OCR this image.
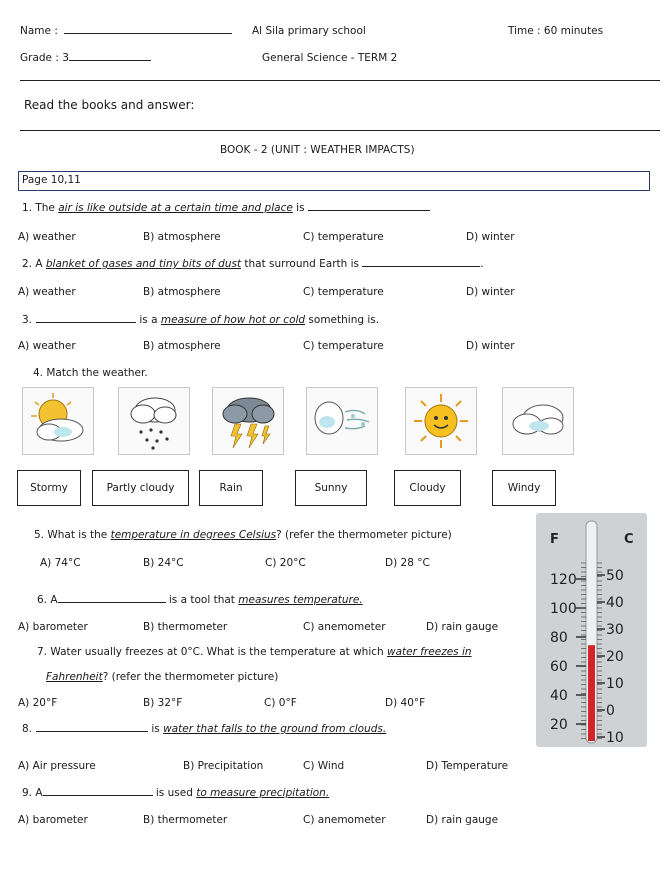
Name :	Al Sila primary school	Time : 60 minutes
Grade : 3	General Science - TERM 2
Read the books and answer:
BOOK - 2 (UNIT : WEATHER IMPACTS)
Page 10,11
1. The air is like outside at a certain time and place is
A) weather	B) atmosphere	C) temperature	D) winter
2. A blanket of gases and tiny bits of dust that surround Earth is	.
A) weather	B) atmosphere	C) temperature	D) winter
3.	is a measure of how hot or cold something is.
A) weather	B) atmosphere	C) temperature	D) winter
4. Match the weather.
Stormy	Partly cloudy	Rain	Sunny	Cloudy	Windy
5. What is the temperature in degrees Celsius? (refer the thermometer picture)
A) 74°C	B) 24°C	C) 20°C	D) 28 °C
6. A	is a tool that measures temperature.
A) barometer	B) thermometer	C) anemometer	D) rain gauge
7. Water usually freezes at 0°C. What is the temperature at which water freezes in
Fahrenheit? (refer the thermometer picture)
A) 20°F	B) 32°F	C) 0°F	D) 40°F
8.	is water that falls to the ground from clouds.
F	C
120
100
80
60
40
20
50
40
30
20
10
0
10
A) Air pressure	B) Precipitation	C) Wind	D) Temperature
9. A	is used to measure precipitation.
A) barometer	B) thermometer	C) anemometer	D) rain gauge
